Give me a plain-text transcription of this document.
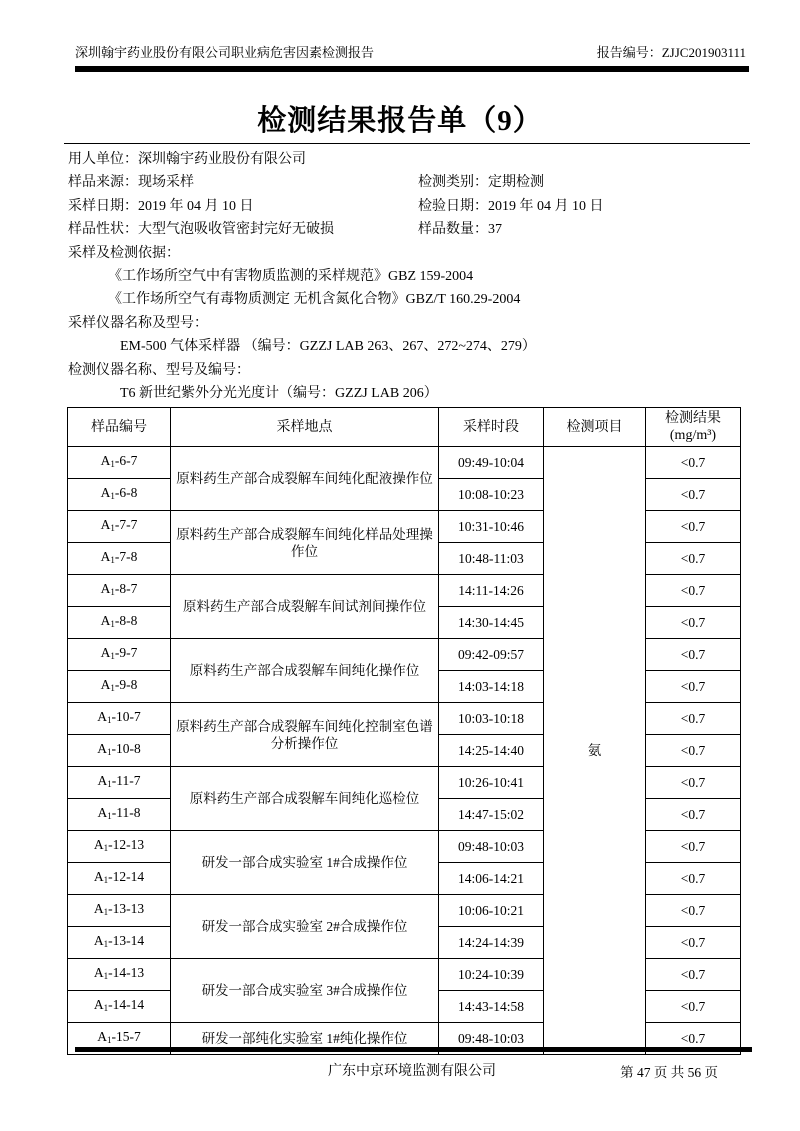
深圳翰宇药业股份有限公司职业病危害因素检测报告	报告编号：ZJJC201903111
检测结果报告单（9）
用人单位：深圳翰宇药业股份有限公司
样品来源：现场采样	检测类别：定期检测
采样日期：2019 年 04 月 10 日	检验日期：2019 年 04 月 10 日
样品性状：大型气泡吸收管密封完好无破损	样品数量：37
采样及检测依据：
《工作场所空气中有害物质监测的采样规范》GBZ 159-2004
《工作场所空气有毒物质测定 无机含氮化合物》GBZ/T 160.29-2004
采样仪器名称及型号：
EM-500 气体采样器 （编号：GZZJ LAB 263、267、272~274、279）
检测仪器名称、型号及编号：
T6 新世纪紫外分光光度计（编号：GZZJ LAB 206）
样品编号	采样地点	采样时段	检测项目	检测结果
(mg/m³)

A1-6-7	原料药生产部合成裂解车间纯化配液操作位	09:49-10:04	氨	<0.7
A1-6-8		10:08-10:23		<0.7
A1-7-7	原料药生产部合成裂解车间纯化样品处理操作位	10:31-10:46		<0.7
A1-7-8		10:48-11:03		<0.7
A1-8-7	原料药生产部合成裂解车间试剂间操作位	14:11-14:26		<0.7
A1-8-8		14:30-14:45		<0.7
A1-9-7	原料药生产部合成裂解车间纯化操作位	09:42-09:57		<0.7
A1-9-8		14:03-14:18		<0.7
A1-10-7	原料药生产部合成裂解车间纯化控制室色谱分析操作位	10:03-10:18		<0.7
A1-10-8		14:25-14:40		<0.7
A1-11-7	原料药生产部合成裂解车间纯化巡检位	10:26-10:41		<0.7
A1-11-8		14:47-15:02		<0.7
A1-12-13	研发一部合成实验室 1#合成操作位	09:48-10:03		<0.7
A1-12-14		14:06-14:21		<0.7
A1-13-13	研发一部合成实验室 2#合成操作位	10:06-10:21		<0.7
A1-13-14		14:24-14:39		<0.7
A1-14-13	研发一部合成实验室 3#合成操作位	10:24-10:39		<0.7
A1-14-14		14:43-14:58		<0.7
A1-15-7	研发一部纯化实验室 1#纯化操作位	09:48-10:03		<0.7
广东中京环境监测有限公司	第 47 页 共 56 页
